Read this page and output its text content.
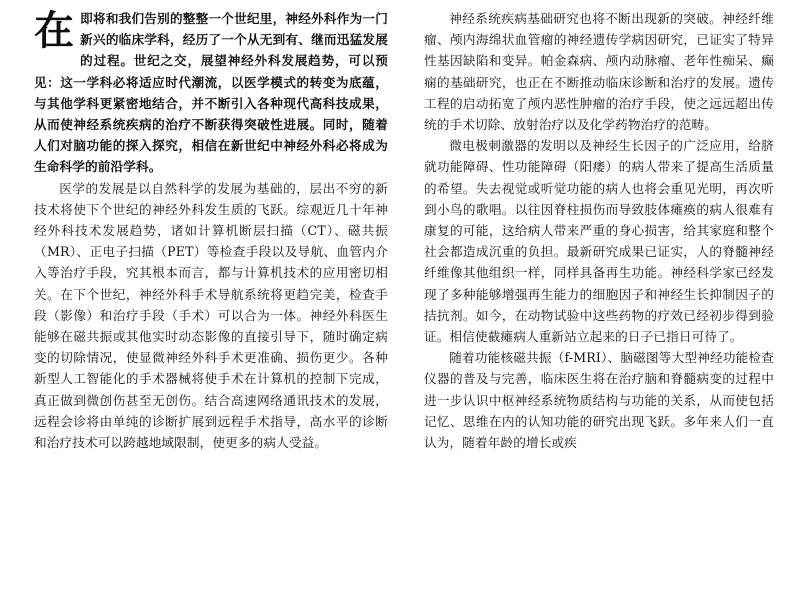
在即将和我们告别的整整一个世纪里，神经外科作为一门新兴的临床学科，经历了一个从无到有、继而迅猛发展的过程。世纪之交，展望神经外科发展趋势，可以预见：这一学科必将适应时代潮流，以医学模式的转变为底蕴，与其他学科更紧密地结合，并不断引入各种现代高科技成果，从而使神经系统疾病的治疗不断获得突破性进展。同时，随着人们对脑功能的探入探究，相信在新世纪中神经外科必将成为生命科学的前沿学科。

医学的发展是以自然科学的发展为基础的，层出不穷的新技术将使下个世纪的神经外科发生质的飞跃。综观近几十年神经外科技术发展趋势，诸如计算机断层扫描（CT）、磁共振（MR）、正电子扫描（PET）等检查手段以及导航、血管内介入等治疗手段，究其根本而言，都与计算机技术的应用密切相关。在下个世纪，神经外科手术导航系统将更趋完美，检查手段（影像）和治疗手段（手术）可以合为一体。神经外科医生能够在磁共振或其他实时动态影像的直接引导下，随时确定病变的切除情况，使显微神经外科手术更准确、损伤更少。各种新型人工智能化的手术器械将使手术在计算机的控制下完成，真正做到微创伤甚至无创伤。结合高速网络通讯技术的发展，远程会诊将由单纯的诊断扩展到远程手术指导，高水平的诊断和治疗技术可以跨越地域限制，使更多的病人受益。

神经系统疾病基础研究也将不断出现新的突破。神经纤维瘤、颅内海绵状血管瘤的神经遗传学病因研究，已证实了特异性基因缺陷和变异。帕金森病、颅内动脉瘤、老年性痴呆、癫痫的基础研究，也正在不断推动临床诊断和治疗的发展。遗传工程的启动拓宽了颅内恶性肿瘤的治疗手段，使之远远超出传统的手术切除、放射治疗以及化学药物治疗的范畴。

微电极刺激器的发明以及神经生长因子的广泛应用，给脐就功能障碍、性功能障碍（阳痿）的病人带来了提高生活质量的希望。失去视觉或听觉功能的病人也将会重见光明，再次听到小鸟的歌唱。以往因脊柱损伤而导致肢体瘫痪的病人很难有康复的可能，这给病人带来严重的身心损害，给其家庭和整个社会都造成沉重的负担。最新研究成果已证实，人的脊髓神经纤维像其他组织一样，同样具备再生功能。神经科学家已经发现了多种能够增强再生能力的细胞因子和神经生长抑制因子的拮抗剂。如今，在动物试验中这些药物的疗效已经初步得到验证。相信使截瘫病人重新站立起来的日子已指日可待了。

随着功能核磁共振（f-MRI）、脑磁图等大型神经功能检查仪器的普及与完善，临床医生将在治疗脑和脊髓病变的过程中进一步认识中枢神经系统物质结构与功能的关系，从而使包括记忆、思维在内的认知功能的研究出现飞跃。多年来人们一直认为，随着年龄的增长或疾
